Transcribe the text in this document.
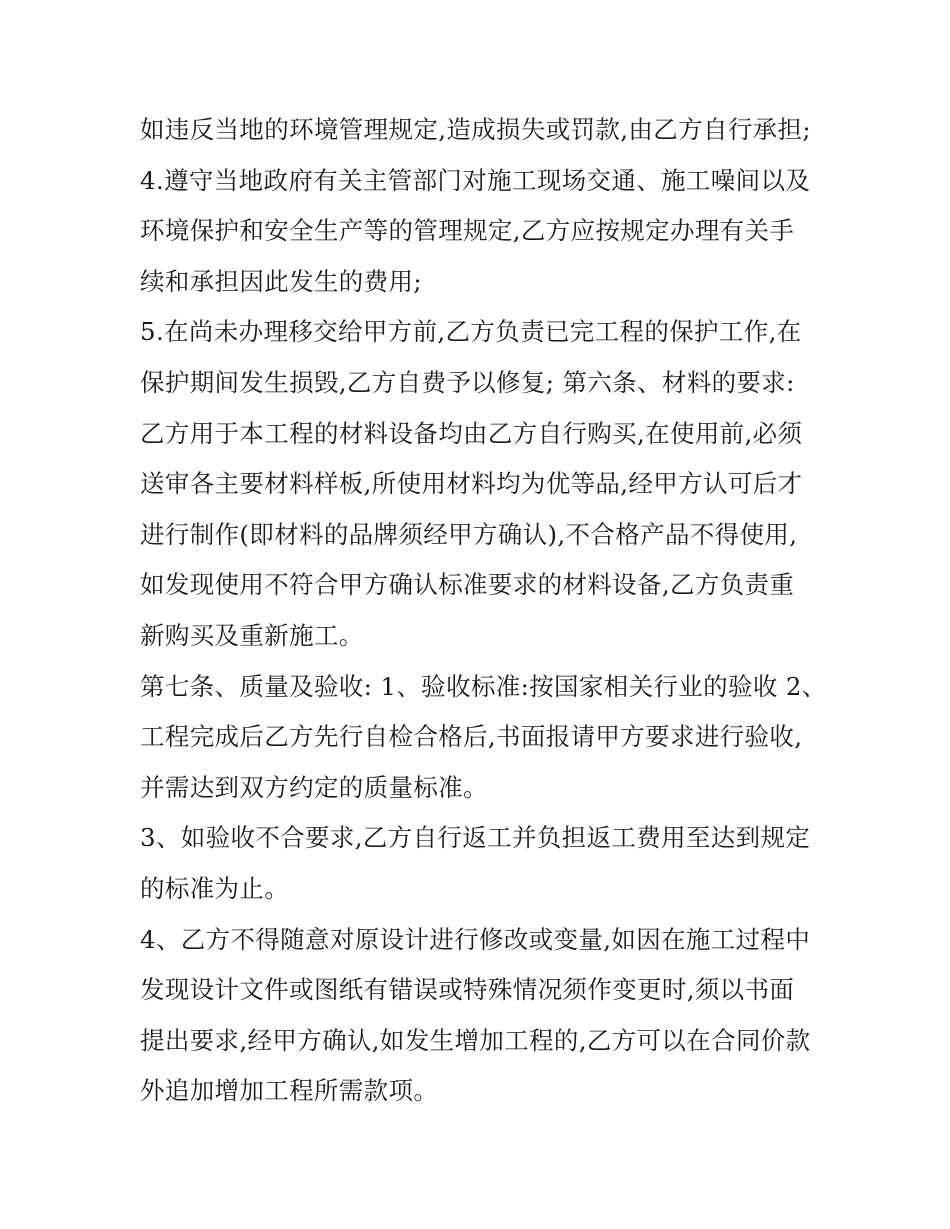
如违反当地的环境管理规定,造成损失或罚款,由乙方自行承担;
4.遵守当地政府有关主管部门对施工现场交通、施工噪间以及
环境保护和安全生产等的管理规定,乙方应按规定办理有关手
续和承担因此发生的费用;
5.在尚未办理移交给甲方前,乙方负责已完工程的保护工作,在
保护期间发生损毁,乙方自费予以修复; 第六条、材料的要求:
乙方用于本工程的材料设备均由乙方自行购买,在使用前,必须
送审各主要材料样板,所使用材料均为优等品,经甲方认可后才
进行制作(即材料的品牌须经甲方确认),不合格产品不得使用,
如发现使用不符合甲方确认标准要求的材料设备,乙方负责重
新购买及重新施工。
第七条、质量及验收: 1、验收标准:按国家相关行业的验收 2、
工程完成后乙方先行自检合格后,书面报请甲方要求进行验收,
并需达到双方约定的质量标准。
3、如验收不合要求,乙方自行返工并负担返工费用至达到规定
的标准为止。
4、乙方不得随意对原设计进行修改或变量,如因在施工过程中
发现设计文件或图纸有错误或特殊情况须作变更时,须以书面
提出要求,经甲方确认,如发生增加工程的,乙方可以在合同价款
外追加增加工程所需款项。
